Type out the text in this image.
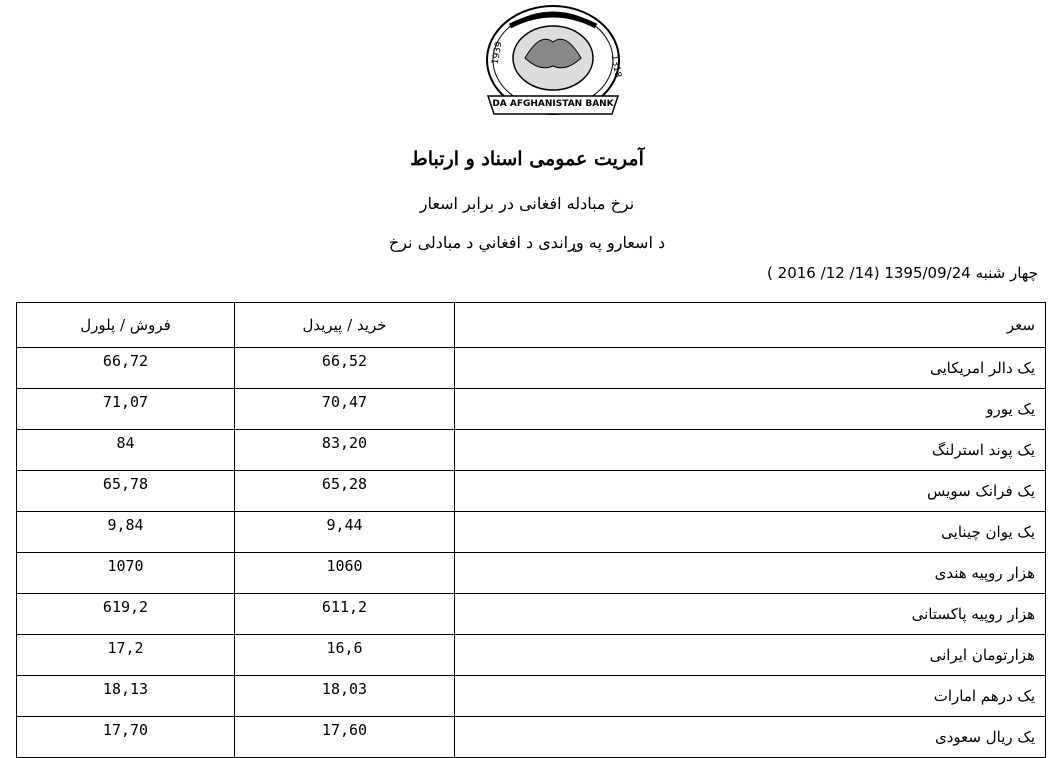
1939
1318
DA AFGHANISTAN BANK
آمریت عمومی اسناد و ارتباط
نرخ مبادله افغانی در برابر اسعار
د اسعارو په وړاندی د افغاني د مبادلی نرخ
چهار شنبه 1395/09/24 (14/ 12/ 2016 )
فروش / پلورل	خرید / پیریدل	سعر
66,72	66,52	یک دالر امریکایی
71,07	70,47	یک یورو
84	83,20	یک پوند استرلنگ
65,78	65,28	یک فرانک سویس
9,84	9,44	یک یوان چینایی
1070	1060	هزار روپیه هندی
619,2	611,2	هزار روپیه پاکستانی
17,2	16,6	هزارتومان ایرانی
18,13	18,03	یک درهم امارات
17,70	17,60	یک ریال سعودی
